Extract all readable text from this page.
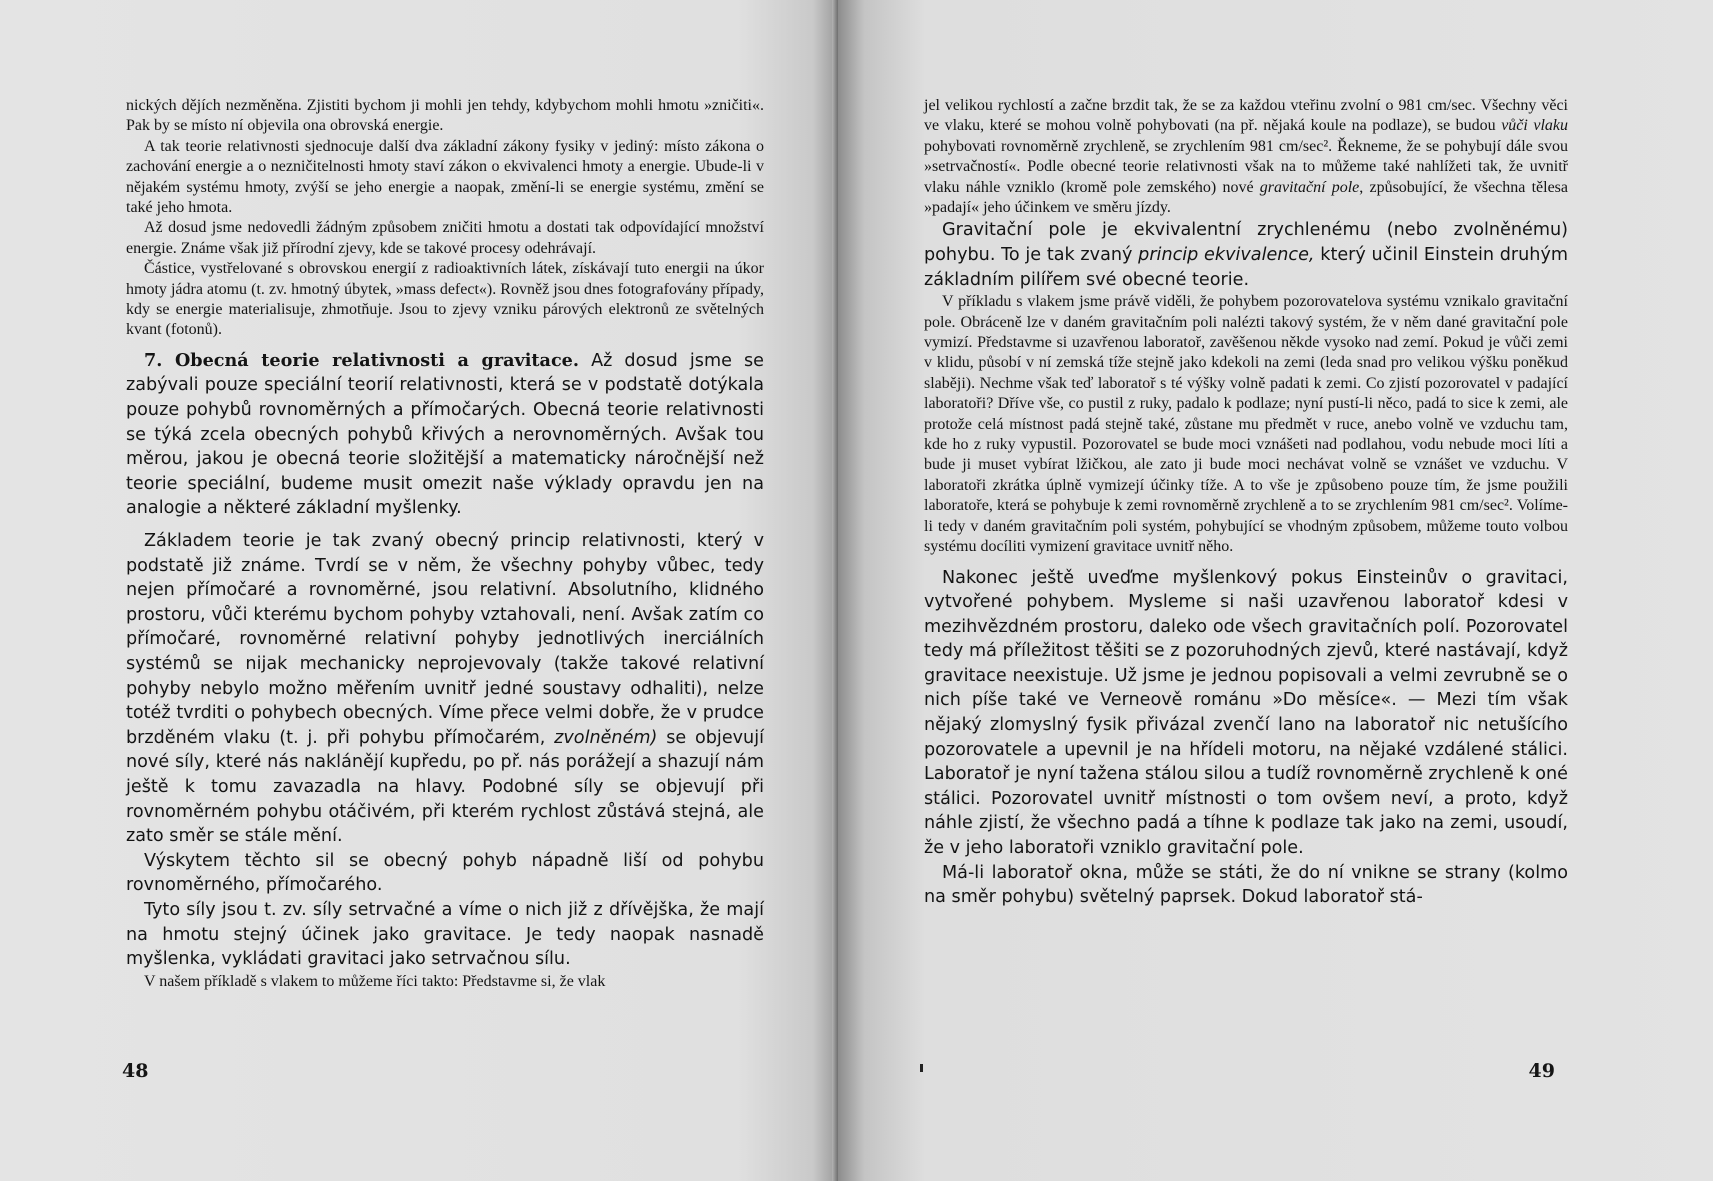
nických dějích nezměněna. Zjistiti bychom ji mohli jen tehdy, kdybychom mohli hmotu »zničiti«. Pak by se místo ní objevila ona obrovská energie.

A tak teorie relativnosti sjednocuje další dva základní zákony fysiky v jediný: místo zákona o zachování energie a o nezničitelnosti hmoty staví zákon o ekvivalenci hmoty a energie. Ubude-li v nějakém systému hmoty, zvýší se jeho energie a naopak, změní-li se energie systému, změní se také jeho hmota.

Až dosud jsme nedovedli žádným způsobem zničiti hmotu a dostati tak odpovídající množství energie. Známe však již přírodní zjevy, kde se takové procesy odehrávají.

Částice, vystřelované s obrovskou energií z radioaktivních látek, získávají tuto energii na úkor hmoty jádra atomu (t. zv. hmotný úbytek, »mass defect«). Rovněž jsou dnes fotografovány případy, kdy se energie materialisuje, zhmotňuje. Jsou to zjevy vzniku párových elektronů ze světelných kvant (fotonů).

7. Obecná teorie relativnosti a gravitace. Až dosud jsme se zabývali pouze speciální teorií relativnosti, která se v podstatě dotýkala pouze pohybů rovnoměrných a přímočarých. Obecná teorie relativnosti se týká zcela obecných pohybů křivých a nerovnoměrných. Avšak tou měrou, jakou je obecná teorie složitější a matematicky náročnější než teorie speciální, budeme musit omezit naše výklady opravdu jen na analogie a některé základní myšlenky.

Základem teorie je tak zvaný obecný princip relativnosti, který v podstatě již známe. Tvrdí se v něm, že všechny pohyby vůbec, tedy nejen přímočaré a rovnoměrné, jsou relativní. Absolutního, klidného prostoru, vůči kterému bychom pohyby vztahovali, není. Avšak zatím co přímočaré, rovnoměrné relativní pohyby jednotlivých inerciálních systémů se nijak mechanicky neprojevovaly (takže takové relativní pohyby nebylo možno měřením uvnitř jedné soustavy odhaliti), nelze totéž tvrditi o pohybech obecných. Víme přece velmi dobře, že v prudce brzděném vlaku (t. j. při pohybu přímočarém, zvolněném) se objevují nové síly, které nás naklánějí kupředu, po př. nás porážejí a shazují nám ještě k tomu zavazadla na hlavy. Podobné síly se objevují při rovnoměrném pohybu otáčivém, při kterém rychlost zůstává stejná, ale zato směr se stále mění.

Výskytem těchto sil se obecný pohyb nápadně liší od pohybu rovnoměrného, přímočarého.

Tyto síly jsou t. zv. síly setrvačné a víme o nich již z dřívějška, že mají na hmotu stejný účinek jako gravitace. Je tedy naopak nasnadě myšlenka, vykládati gravitaci jako setrvačnou sílu.

V našem příkladě s vlakem to můžeme říci takto: Představme si, že vlak

48

jel velikou rychlostí a začne brzdit tak, že se za každou vteřinu zvolní o 981 cm/sec. Všechny věci ve vlaku, které se mohou volně pohybovati (na př. nějaká koule na podlaze), se budou vůči vlaku pohybovati rovnoměrně zrychleně, se zrychlením 981 cm/sec². Řekneme, že se pohybují dále svou »setrvačností«. Podle obecné teorie relativnosti však na to můžeme také nahlížeti tak, že uvnitř vlaku náhle vzniklo (kromě pole zemského) nové gravitační pole, způsobující, že všechna tělesa »padají« jeho účinkem ve směru jízdy.

Gravitační pole je ekvivalentní zrychlenému (nebo zvolněnému) pohybu. To je tak zvaný princip ekvivalence, který učinil Einstein druhým základním pilířem své obecné teorie.

V příkladu s vlakem jsme právě viděli, že pohybem pozorovatelova systému vznikalo gravitační pole. Obráceně lze v daném gravitačním poli nalézti takový systém, že v něm dané gravitační pole vymizí. Představme si uzavřenou laboratoř, zavěšenou někde vysoko nad zemí. Pokud je vůči zemi v klidu, působí v ní zemská tíže stejně jako kdekoli na zemi (leda snad pro velikou výšku poněkud slaběji). Nechme však teď laboratoř s té výšky volně padati k zemi. Co zjistí pozorovatel v padající laboratoři? Dříve vše, co pustil z ruky, padalo k podlaze; nyní pustí-li něco, padá to sice k zemi, ale protože celá místnost padá stejně také, zůstane mu předmět v ruce, anebo volně ve vzduchu tam, kde ho z ruky vypustil. Pozorovatel se bude moci vznášeti nad podlahou, vodu nebude moci líti a bude ji muset vybírat lžičkou, ale zato ji bude moci nechávat volně se vznášet ve vzduchu. V laboratoři zkrátka úplně vymizejí účinky tíže. A to vše je způsobeno pouze tím, že jsme použili laboratoře, která se pohybuje k zemi rovnoměrně zrychleně a to se zrychlením 981 cm/sec². Volíme-li tedy v daném gravitačním poli systém, pohybující se vhodným způsobem, můžeme touto volbou systému docíliti vymizení gravitace uvnitř něho.

Nakonec ještě uveďme myšlenkový pokus Einsteinův o gravitaci, vytvořené pohybem. Mysleme si naši uzavřenou laboratoř kdesi v mezihvězdném prostoru, daleko ode všech gravitačních polí. Pozorovatel tedy má příležitost těšiti se z pozoruhodných zjevů, které nastávají, když gravitace neexistuje. Už jsme je jednou popisovali a velmi zevrubně se o nich píše také ve Verneově románu »Do měsíce«. — Mezi tím však nějaký zlomyslný fysik přivázal zvenčí lano na laboratoř nic netušícího pozorovatele a upevnil je na hřídeli motoru, na nějaké vzdálené stálici. Laboratoř je nyní tažena stálou silou a tudíž rovnoměrně zrychleně k oné stálici. Pozorovatel uvnitř místnosti o tom ovšem neví, a proto, když náhle zjistí, že všechno padá a tíhne k podlaze tak jako na zemi, usoudí, že v jeho laboratoři vzniklo gravitační pole.

Má-li laboratoř okna, může se státi, že do ní vnikne se strany (kolmo na směr pohybu) světelný paprsek. Dokud laboratoř stá-

49
